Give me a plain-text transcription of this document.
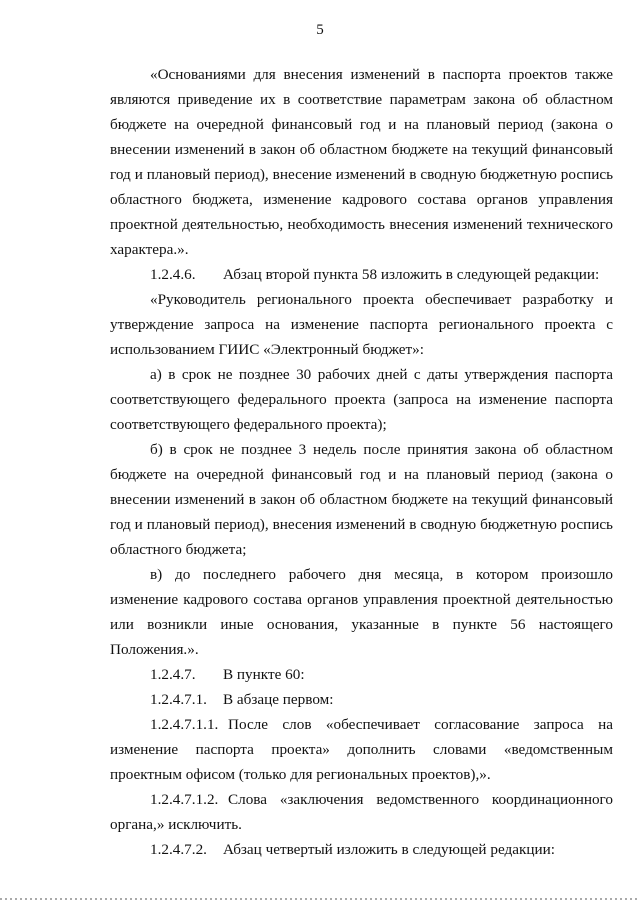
5

«Основаниями для внесения изменений в паспорта проектов также являются приведение их в соответствие параметрам закона об областном бюджете на очередной финансовый год и на плановый период (закона о внесении изменений в закон об областном бюджете на текущий финансовый год и плановый период), внесение изменений в сводную бюджетную роспись областного бюджета, изменение кадрового состава органов управления проектной деятельностью, необходимость внесения изменений технического характера.».

1.2.4.6. Абзац второй пункта 58 изложить в следующей редакции:

«Руководитель регионального проекта обеспечивает разработку и утверждение запроса на изменение паспорта регионального проекта с использованием ГИИС «Электронный бюджет»:

а) в срок не позднее 30 рабочих дней с даты утверждения паспорта соответствующего федерального проекта (запроса на изменение паспорта соответствующего федерального проекта);

б) в срок не позднее 3 недель после принятия закона об областном бюджете на очередной финансовый год и на плановый период (закона о внесении изменений в закон об областном бюджете на текущий финансовый год и плановый период), внесения изменений в сводную бюджетную роспись областного бюджета;

в) до последнего рабочего дня месяца, в котором произошло изменение кадрового состава органов управления проектной деятельностью или возникли иные основания, указанные в пункте 56 настоящего Положения.».

1.2.4.7. В пункте 60:

1.2.4.7.1. В абзаце первом:

1.2.4.7.1.1. После слов «обеспечивает согласование запроса на изменение паспорта проекта» дополнить словами «ведомственным проектным офисом (только для региональных проектов),».

1.2.4.7.1.2. Слова «заключения ведомственного координационного органа,» исключить.

1.2.4.7.2. Абзац четвертый изложить в следующей редакции:
